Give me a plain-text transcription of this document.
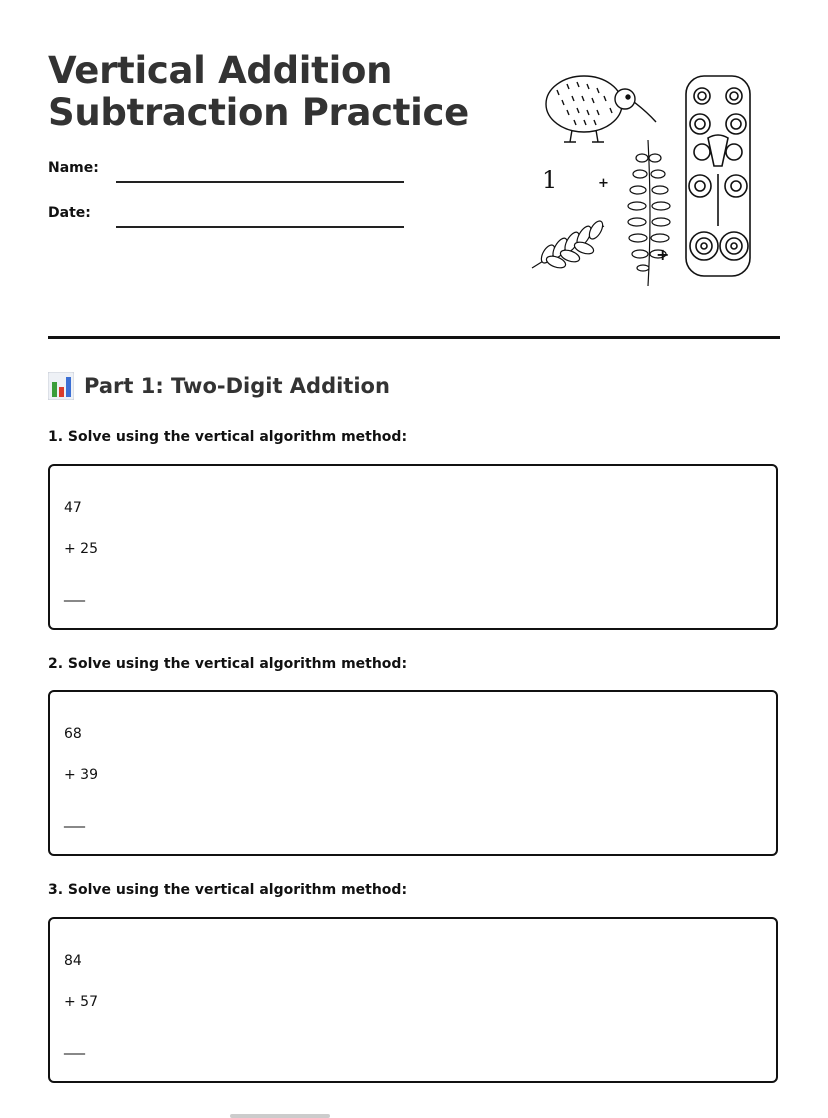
Vertical Addition
Subtraction Practice
Name:
Date:
1	+
+
Part 1: Two-Digit Addition
1. Solve using the vertical algorithm method:
47
+ 25
___
2. Solve using the vertical algorithm method:
68
+ 39
___
3. Solve using the vertical algorithm method:
84
+ 57
___
